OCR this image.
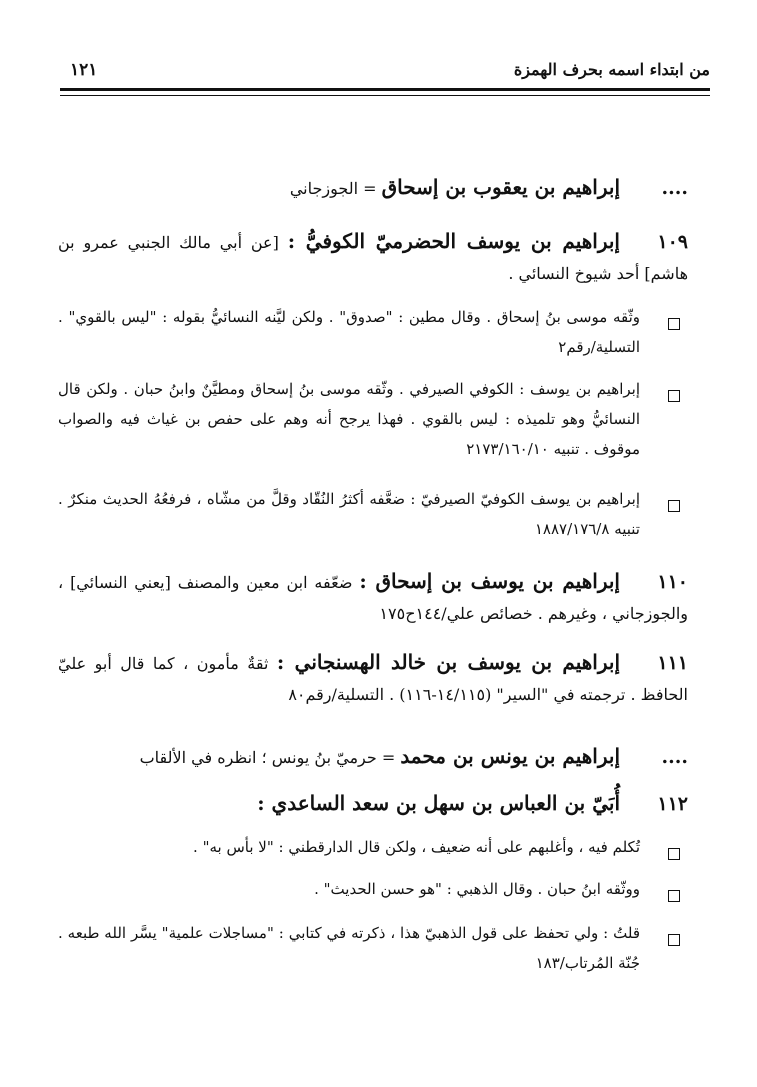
من ابتداء اسمه بحرف الهمزة
١٢١
....إبراهيم بن يعقوب بن إسحاق = الجوزجاني
١٠٩إبراهيم بن يوسف الحضرميّ الكوفيُّ : [عن أبي مالك الجنبي عمرو بن هاشم] أحد شيوخ النسائي .
وثّقه موسى بنُ إسحاق . وقال مطين : "صدوق" . ولكن ليَّنه النسائيُّ بقوله : "ليس بالقوي" . التسلية/رقم٢
إبراهيم بن يوسف : الكوفي الصيرفي . وثّقه موسى بنُ إسحاق ومطيَّنٌ وابنُ حبان . ولكن قال النسائيُّ وهو تلميذه : ليس بالقوي . فهذا يرجح أنه وهم على حفص بن غياث فيه والصواب موقوف . تنبيه ٢١٧٣/١٦٠/١٠
إبراهيم بن يوسف الكوفيّ الصيرفيّ : ضعَّفه أكثرُ النُقّاد وقلَّ من مشّاه ، فرفعُهُ الحديث منكرٌ . تنبيه ١٨٨٧/١٧٦/٨
١١٠إبراهيم بن يوسف بن إسحاق : ضعّفه ابن معين والمصنف [يعني النسائي] ، والجوزجاني ، وغيرهم . خصائص علي/١٤٤ح١٧٥
١١١إبراهيم بن يوسف بن خالد الهسنجاني : ثقةٌ مأمون ، كما قال أبو عليّ الحافظ . ترجمته في "السير" (١٤/١١٥-١١٦) . التسلية/رقم٨٠
....إبراهيم بن يونس بن محمد = حرميّ بنُ يونس ؛ انظره في الألقاب
١١٢أُبَيّ بن العباس بن سهل بن سعد الساعدي :
تُكلم فيه ، وأغلبهم على أنه ضعيف ، ولكن قال الدارقطني : "لا بأس به" .
ووثّقه ابنُ حبان . وقال الذهبي : "هو حسن الحديث" .
قلتُ : ولي تحفظ على قول الذهبيّ هذا ، ذكرته في كتابي : "مساجلات علمية" يسَّر الله طبعه . جُنّة المُرتاب/١٨٣
